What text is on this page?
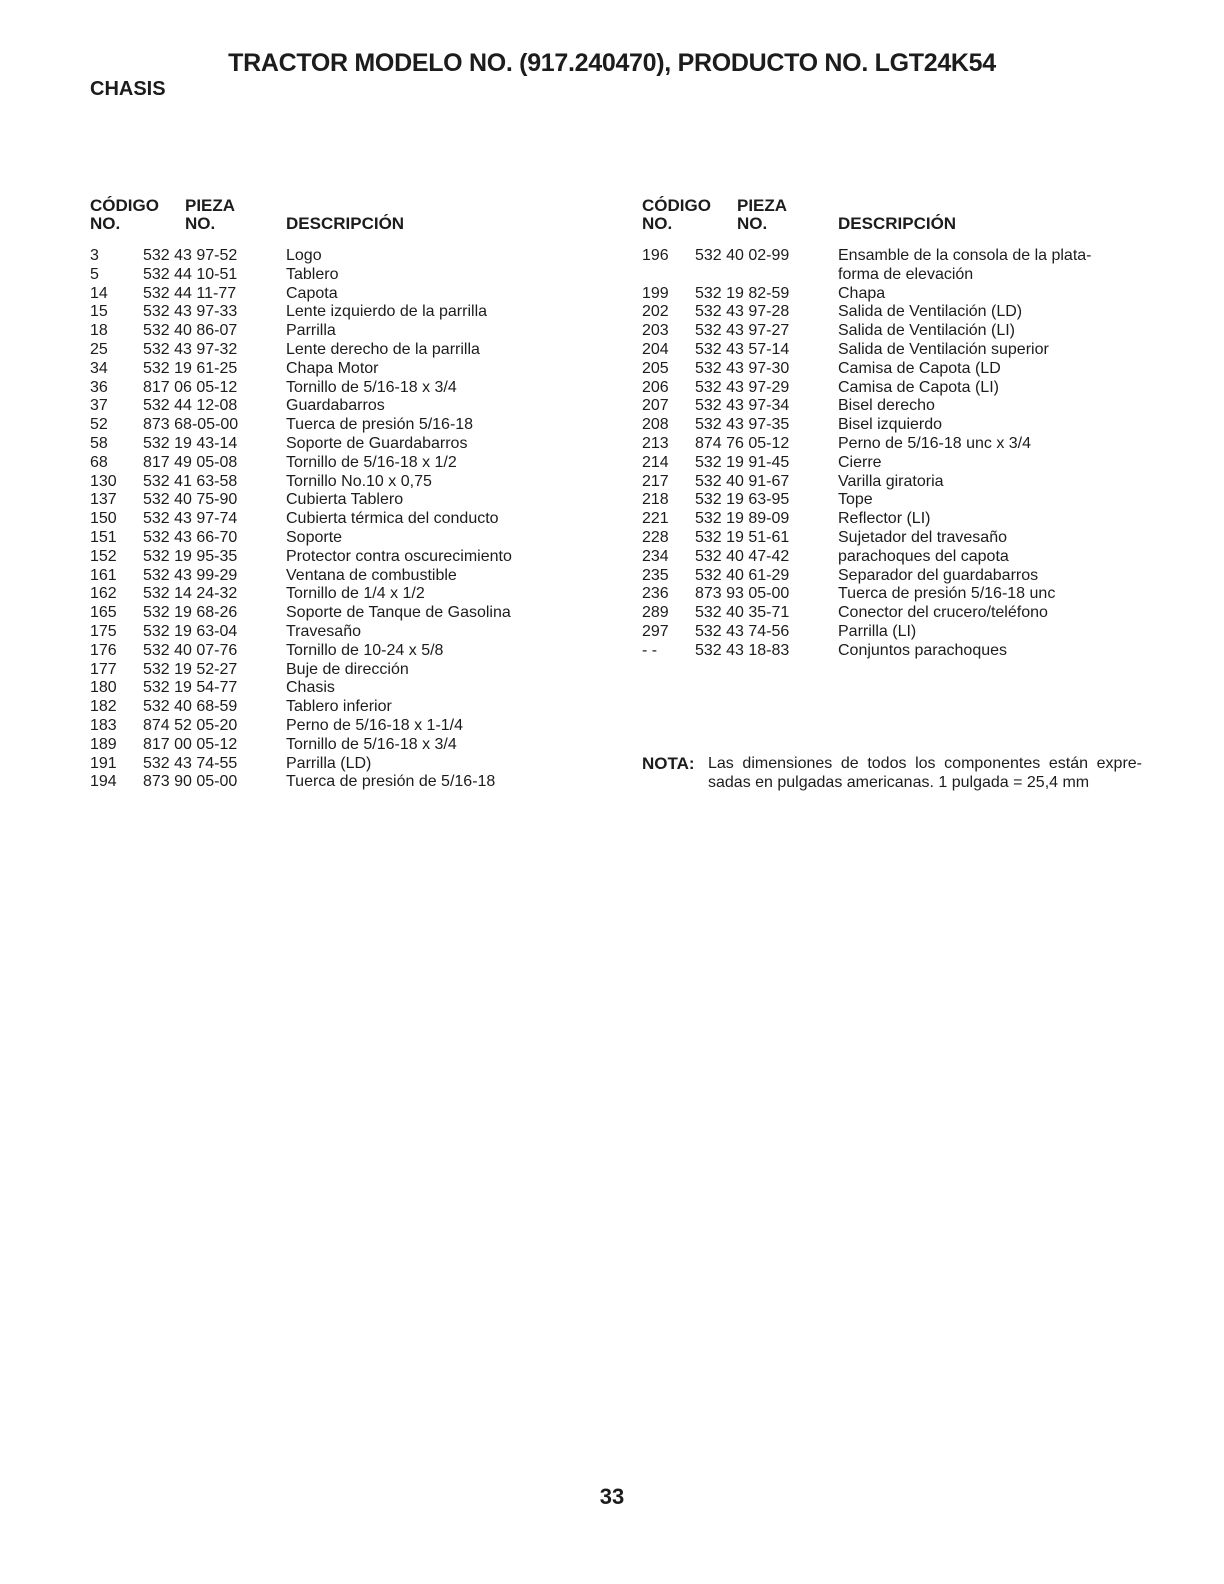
TRACTOR MODELO NO. (917.240470), PRODUCTO NO. LGT24K54
CHASIS
CÓDIGO
NO.
PIEZA
NO.	DESCRIPCIÓN
3	532 43 97-52	Logo
5	532 44 10-51	Tablero
14	532 44 11-77	Capota
15	532 43 97-33	Lente izquierdo de la parrilla
18	532 40 86-07	Parrilla
25	532 43 97-32	Lente derecho de la parrilla
34	532 19 61-25	Chapa Motor
36	817 06 05-12	Tornillo de 5/16-18 x 3/4
37	532 44 12-08	Guardabarros
52	873 68-05-00	Tuerca de presión 5/16-18
58	532 19 43-14	Soporte de Guardabarros
68	817 49 05-08	Tornillo de 5/16-18 x 1/2
130	532 41 63-58	Tornillo No.10 x 0,75
137	532 40 75-90	Cubierta Tablero
150	532 43 97-74	Cubierta térmica del conducto
151	532 43 66-70	Soporte
152	532 19 95-35	Protector contra oscurecimiento
161	532 43 99-29	Ventana de combustible
162	532 14 24-32	Tornillo de 1/4 x 1/2
165	532 19 68-26	Soporte de Tanque de Gasolina
175	532 19 63-04	Travesaño
176	532 40 07-76	Tornillo de 10-24 x 5/8
177	532 19 52-27	Buje de dirección
180	532 19 54-77	Chasis
182	532 40 68-59	Tablero inferior
183	874 52 05-20	Perno de 5/16-18 x 1-1/4
189	817 00 05-12	Tornillo de 5/16-18 x 3/4
191	532 43 74-55	Parrilla (LD)
194	873 90 05-00	Tuerca de presión de 5/16-18
CÓDIGO
NO.
PIEZA
NO.	DESCRIPCIÓN
196	532 40 02-99	Ensamble de la consola de la plata-forma de elevación
199	532 19 82-59	Chapa
202	532 43 97-28	Salida de Ventilación (LD)
203	532 43 97-27	Salida de Ventilación (LI)
204	532 43 57-14	Salida de Ventilación superior
205	532 43 97-30	Camisa de Capota (LD
206	532 43 97-29	Camisa de Capota (LI)
207	532 43 97-34	Bisel derecho
208	532 43 97-35	Bisel izquierdo
213	874 76 05-12	Perno de 5/16-18 unc x 3/4
214	532 19 91-45	Cierre
217	532 40 91-67	Varilla giratoria
218	532 19 63-95	Tope
221	532 19 89-09	Reflector (LI)
228	532 19 51-61	Sujetador del travesaño
234	532 40 47-42	parachoques del capota
235	532 40 61-29	Separador del guardabarros
236	873 93 05-00	Tuerca de presión 5/16-18 unc
289	532 40 35-71	Conector del crucero/teléfono
297	532 43 74-56	Parrilla (LI)
- -	532 43 18-83	Conjuntos parachoques
NOTA: Las dimensiones de todos los componentes están expre-sadas en pulgadas americanas. 1 pulgada = 25,4 mm
33
